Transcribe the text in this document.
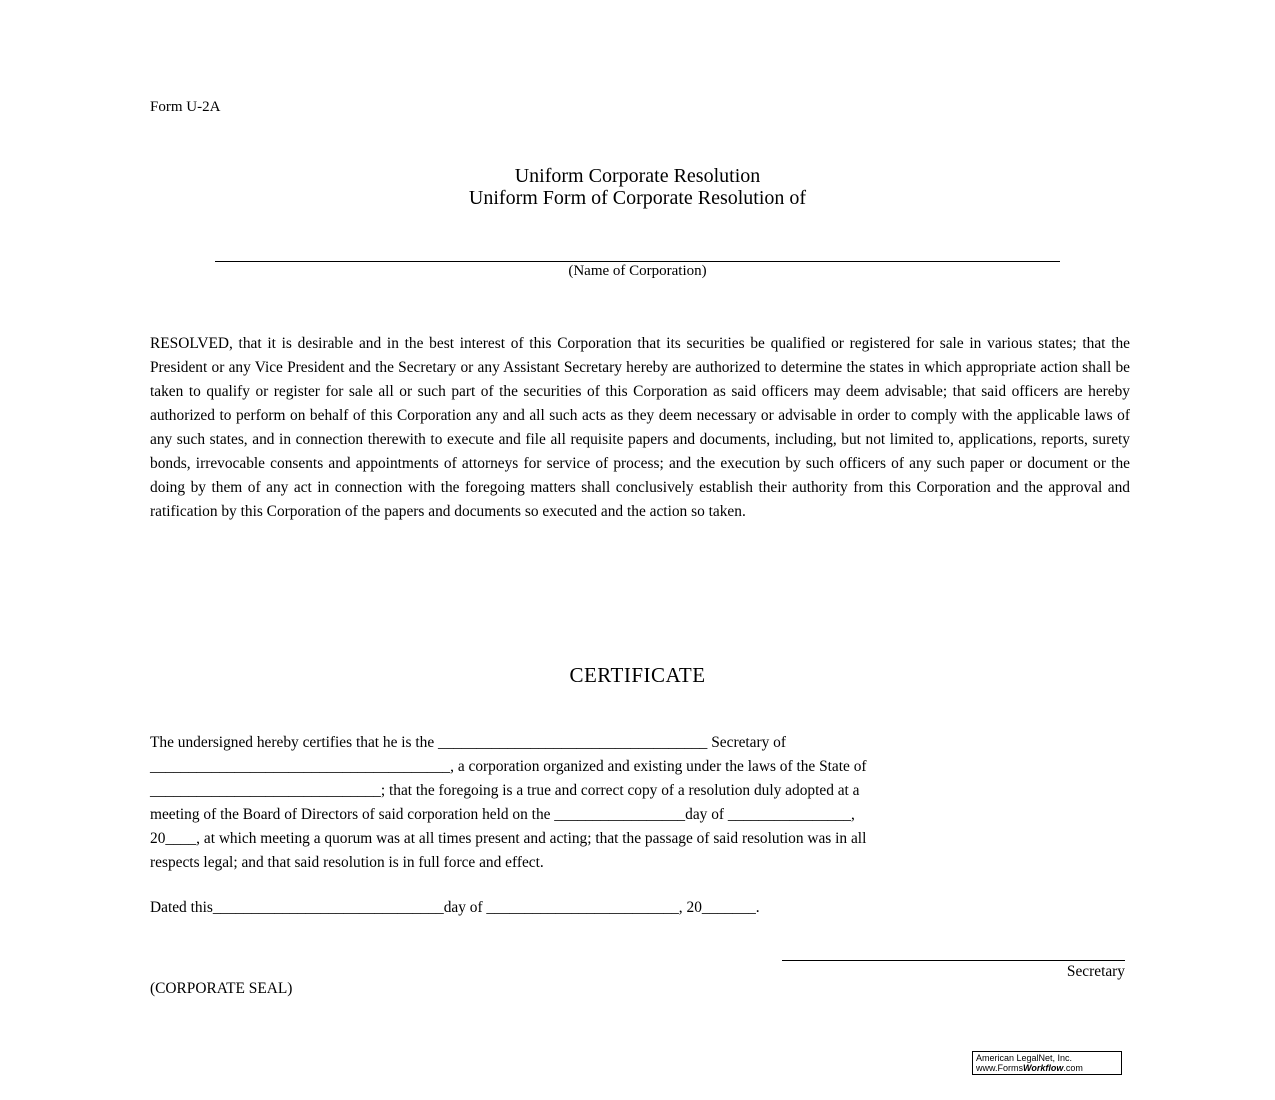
Form U-2A

Uniform Corporate Resolution
Uniform Form of Corporate Resolution of
(Name of Corporation)

RESOLVED, that it is desirable and in the best interest of this Corporation that its securities be qualified or registered for sale in various states; that the President or any Vice President and the Secretary or any Assistant Secretary hereby are authorized to determine the states in which appropriate action shall be taken to qualify or register for sale all or such part of the securities of this Corporation as said officers may deem advisable; that said officers are hereby authorized to perform on behalf of this Corporation any and all such acts as they deem necessary or advisable in order to comply with the applicable laws of any such states, and in connection therewith to execute and file all requisite papers and documents, including, but not limited to, applications, reports, surety bonds, irrevocable consents and appointments of attorneys for service of process; and the execution by such officers of any such paper or document or the doing by them of any act in connection with the foregoing matters shall conclusively establish their authority from this Corporation and the approval and ratification by this Corporation of the papers and documents so executed and the action so taken.

CERTIFICATE

The undersigned hereby certifies that he is the ___________________________________ Secretary of
_______________________________________, a corporation organized and existing under the laws of the State of
______________________________; that the foregoing is a true and correct copy of a resolution duly adopted at a
meeting of the Board of Directors of said corporation held on the _________________day of ________________,
20____, at which meeting a quorum was at all times present and acting; that the passage of said resolution was in all
respects legal; and that said resolution is in full force and effect.

Dated this______________________________day of _________________________, 20_______.

Secretary
(CORPORATE SEAL)
American LegalNet, Inc.
www.FormsWorkflow.com
